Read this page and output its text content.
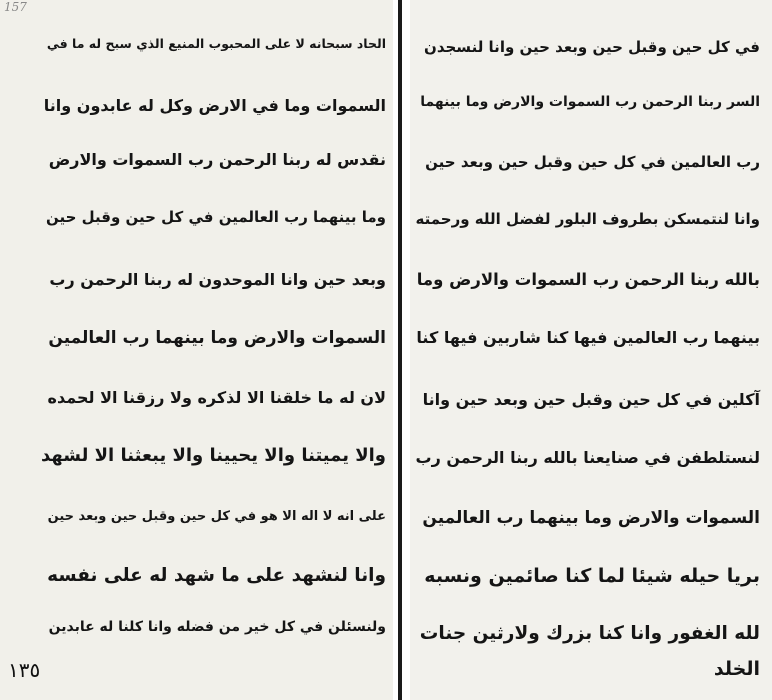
157
الحاد سبحانه لا على المحبوب المنيع الذي سبح له ما في
السموات وما في الارض وكل له عابدون وانا
نقدس له ربنا الرحمن رب السموات والارض
وما بينهما رب العالمين في كل حين وقبل حين
وبعد حين وانا الموحدون له ربنا الرحمن رب
السموات والارض وما بينهما رب العالمين
لان له ما خلقنا الا لذكره ولا رزقنا الا لحمده
والا يميتنا والا يحيينا والا يبعثنا الا لشهد
على انه لا اله الا هو في كل حين وقبل حين وبعد حين
وانا لنشهد على ما شهد له على نفسه
ولنسئلن في كل خير من فضله وانا كلنا له عابدين
في كل حين وقبل حين وبعد حين وانا لنسجدن
السر ربنا الرحمن رب السموات والارض وما بينهما
رب العالمين في كل حين وقبل حين وبعد حين
وانا لنتمسكن بطروف البلور لفضل الله ورحمته
بالله ربنا الرحمن رب السموات والارض وما
بينهما رب العالمين فيها كنا شاربين فيها كنا
آكلين في كل حين وقبل حين وبعد حين وانا
لنستلطفن في صنايعنا بالله ربنا الرحمن رب
السموات والارض وما بينهما رب العالمين
بريا حيله شيئا لما كنا صائمين ونسبه
لله الغفور وانا كنا بزرك ولارثين جنات
الخلد
١٣٥
